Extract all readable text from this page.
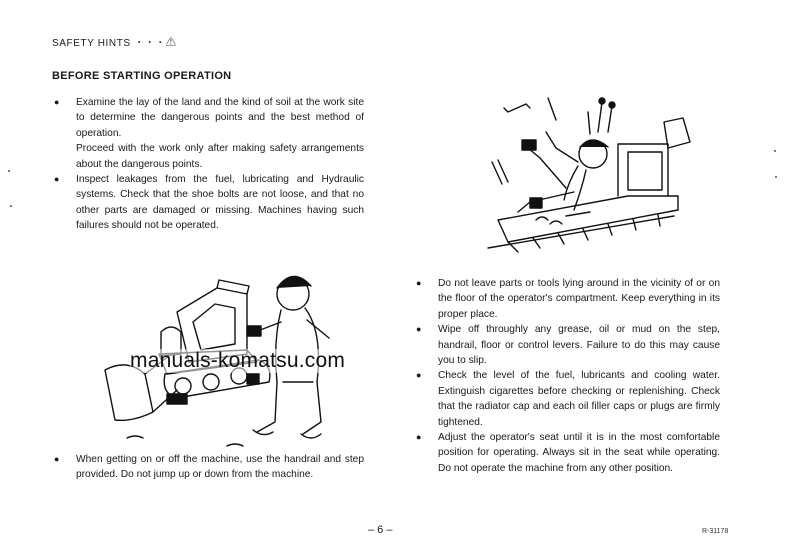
SAFETY HINTS ・・・⚠
BEFORE STARTING OPERATION
● Examine the lay of the land and the kind of soil at the work site to determine the dangerous points and the best method of operation.

Proceed with the work only after making safety arrangements about the dangerous points.

● Inspect leakages from the fuel, lubricating and Hydraulic systems. Check that the shoe bolts are not loose, and that no other parts are damaged or missing. Machines having such failures should not be operated.

manuals-komatsu.com
● Do not leave parts or tools lying around in the vicinity of or on the floor of the operator's compartment. Keep everything in its proper place.

● Wipe off throughly any grease, oil or mud on the step, handrail, floor or control levers. Failure to do this may cause you to slip.

● Check the level of the fuel, lubricants and cooling water. Extinguish cigarettes before checking or replenishing. Check that the radiator cap and each oil filler caps or plugs are firmly tightened.

● Adjust the operator's seat until it is in the most comfortable position for operating. Always sit in the seat while operating. Do not operate the machine from any other position.

● When getting on or off the machine, use the handrail and step provided. Do not jump up or down from the machine.

– 6 –	R-31178
